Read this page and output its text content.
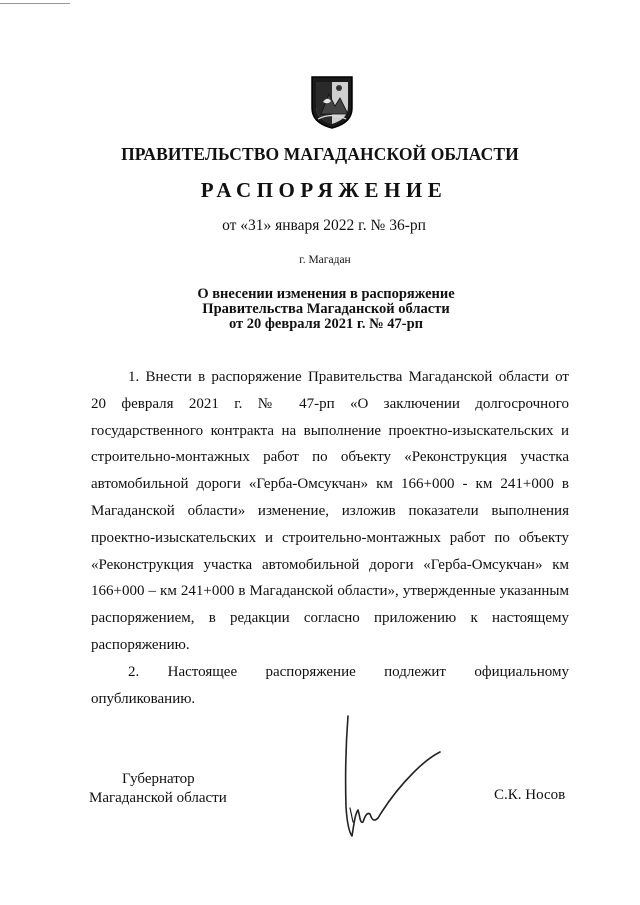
ПРАВИТЕЛЬСТВО МАГАДАНСКОЙ ОБЛАСТИ
РАСПОРЯЖЕНИЕ
от «31» января 2022 г. № 36-рп
г. Магадан
О внесении изменения в распоряжение
Правительства Магаданской области
от 20 февраля 2021 г. № 47-рп

1. Внести в распоряжение Правительства Магаданской области от 20 февраля 2021 г. № 47-рп «О заключении долгосрочного государственного контракта на выполнение проектно-изыскательских и строительно-монтажных работ по объекту «Реконструкция участка автомобильной дороги «Герба-Омсукчан» км 166+000 - км 241+000 в Магаданской области» изменение, изложив показатели выполнения проектно-изыскательских и строительно-монтажных работ по объекту «Реконструкция участка автомобильной дороги «Герба-Омсукчан» км 166+000 – км 241+000 в Магаданской области», утвержденные указанным распоряжением, в редакции согласно приложению к настоящему распоряжению.

2. Настоящее распоряжение подлежит официальному опубликованию.

Губернатор
Магаданской области	С.К. Носов
